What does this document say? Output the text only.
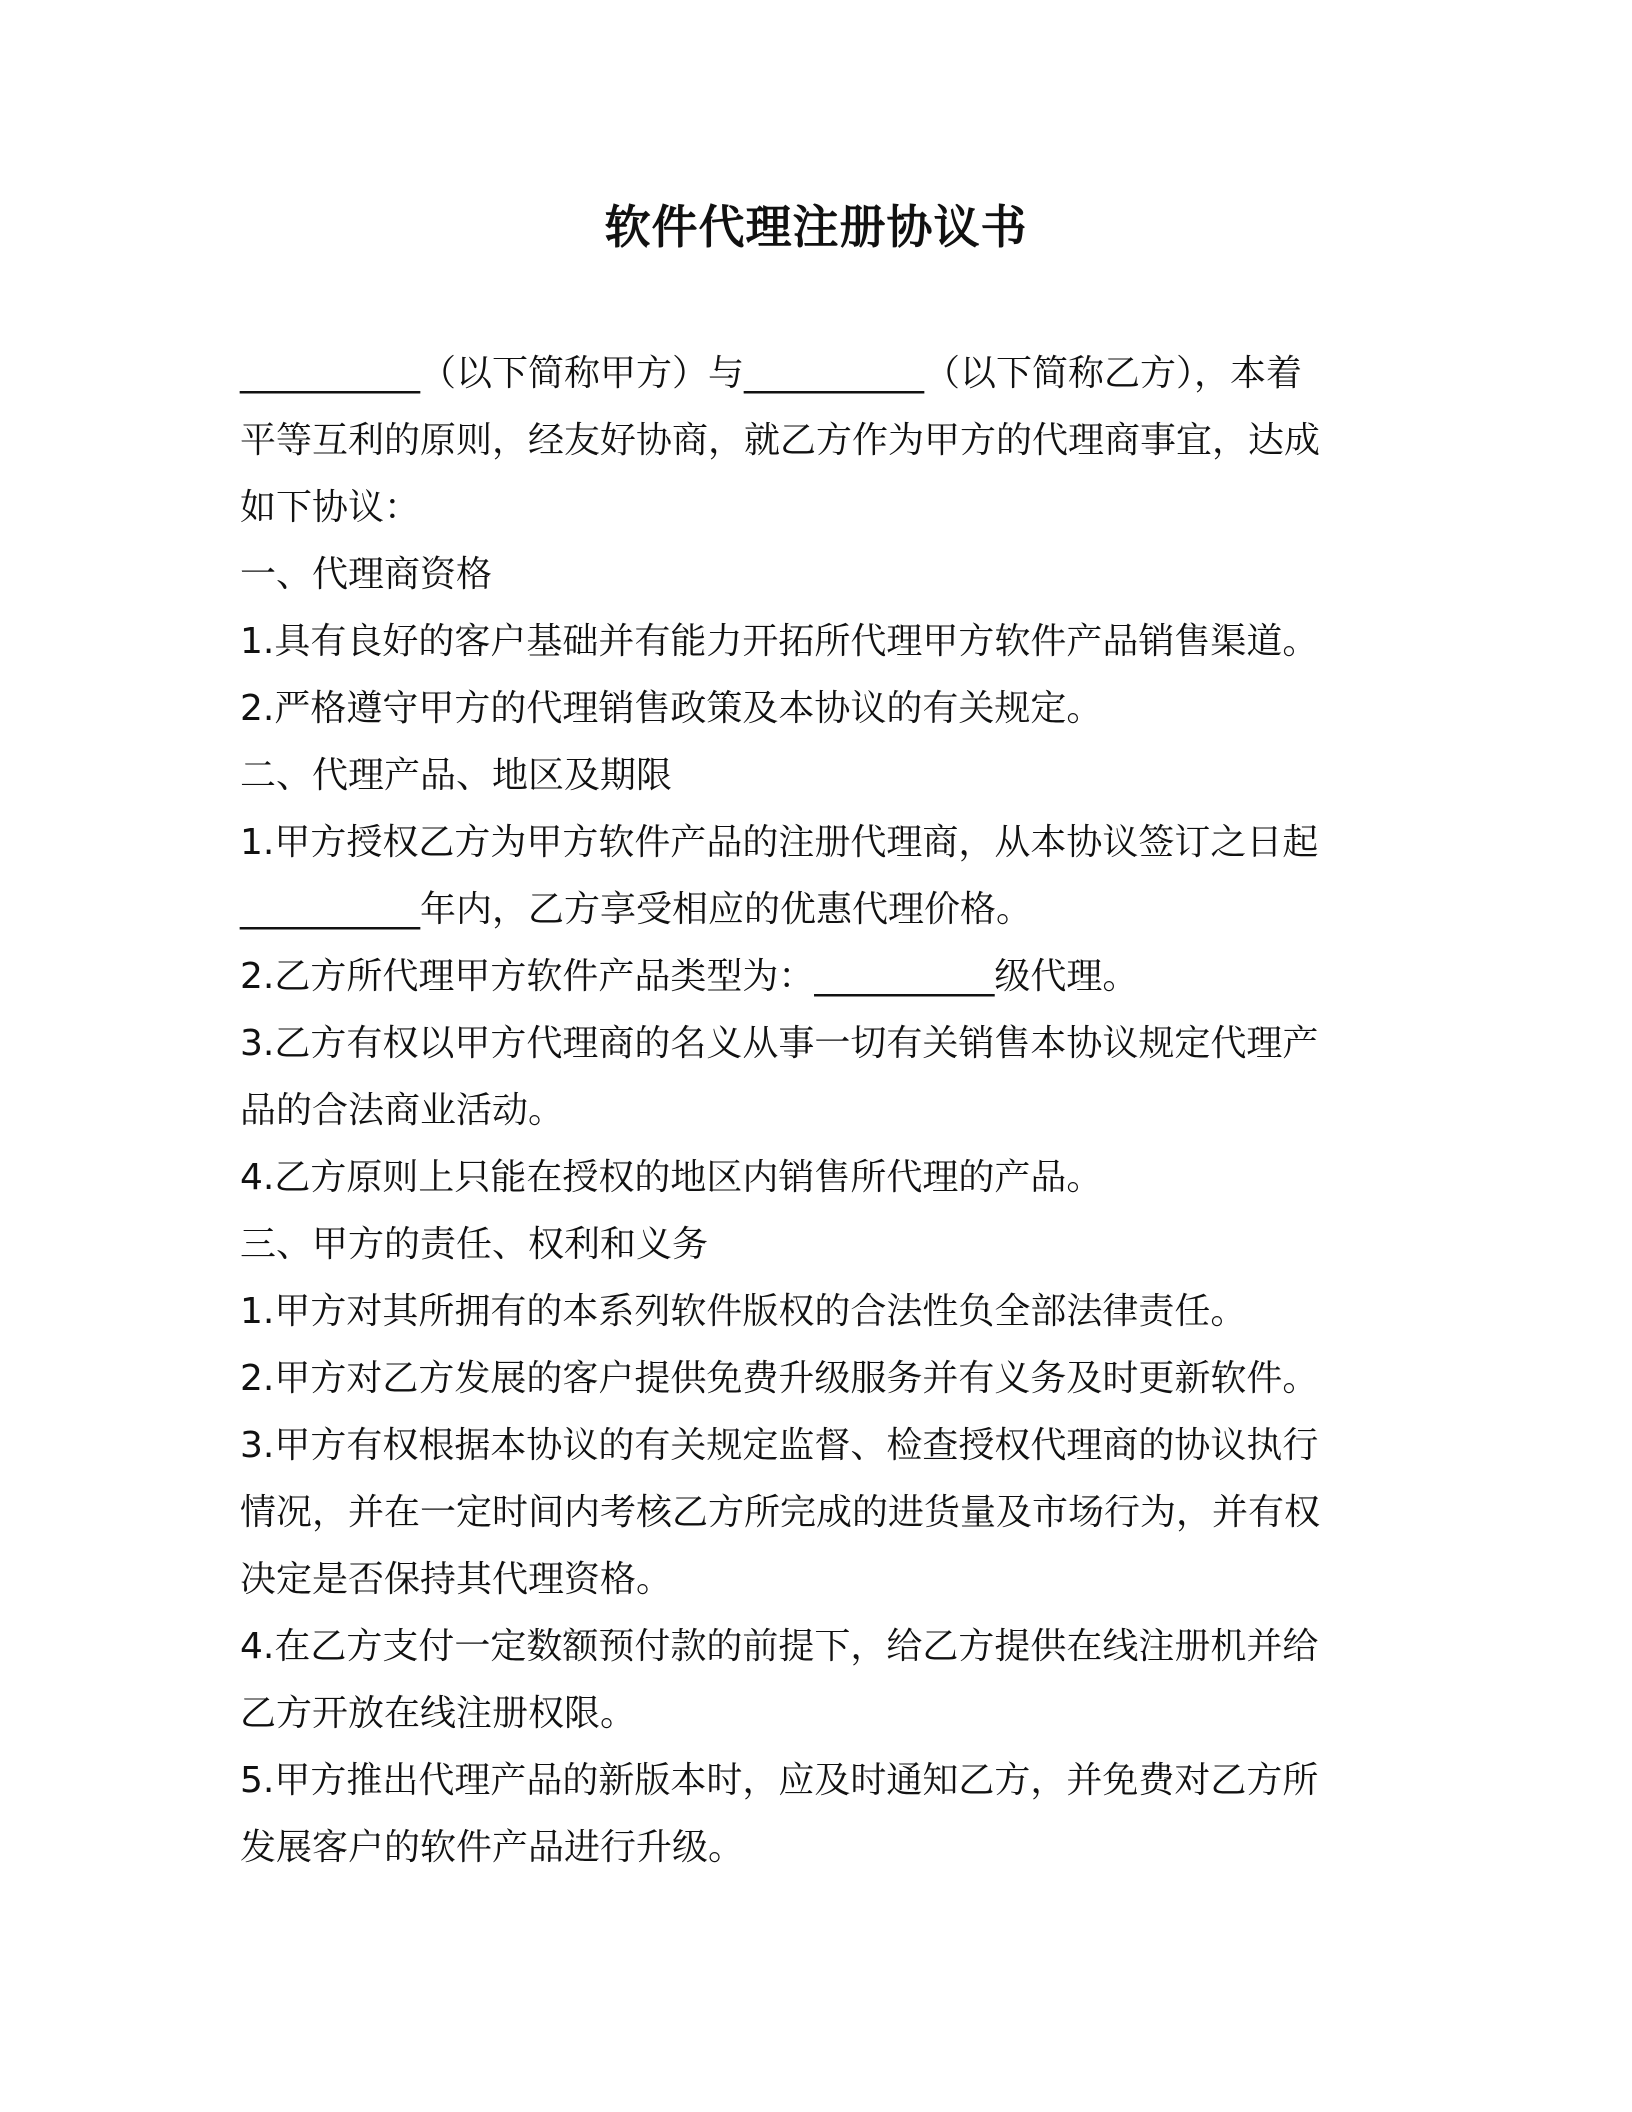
软件代理注册协议书

__________（以下简称甲方）与__________（以下简称乙方），本着

平等互利的原则，经友好协商，就乙方作为甲方的代理商事宜，达成

如下协议：

一、代理商资格

1.具有良好的客户基础并有能力开拓所代理甲方软件产品销售渠道。

2.严格遵守甲方的代理销售政策及本协议的有关规定。

二、代理产品、地区及期限

1.甲方授权乙方为甲方软件产品的注册代理商，从本协议签订之日起

__________年内，乙方享受相应的优惠代理价格。

2.乙方所代理甲方软件产品类型为：__________级代理。

3.乙方有权以甲方代理商的名义从事一切有关销售本协议规定代理产

品的合法商业活动。

4.乙方原则上只能在授权的地区内销售所代理的产品。

三、甲方的责任、权利和义务

1.甲方对其所拥有的本系列软件版权的合法性负全部法律责任。

2.甲方对乙方发展的客户提供免费升级服务并有义务及时更新软件。

3.甲方有权根据本协议的有关规定监督、检查授权代理商的协议执行

情况，并在一定时间内考核乙方所完成的进货量及市场行为，并有权

决定是否保持其代理资格。

4.在乙方支付一定数额预付款的前提下，给乙方提供在线注册机并给

乙方开放在线注册权限。

5.甲方推出代理产品的新版本时，应及时通知乙方，并免费对乙方所

发展客户的软件产品进行升级。
